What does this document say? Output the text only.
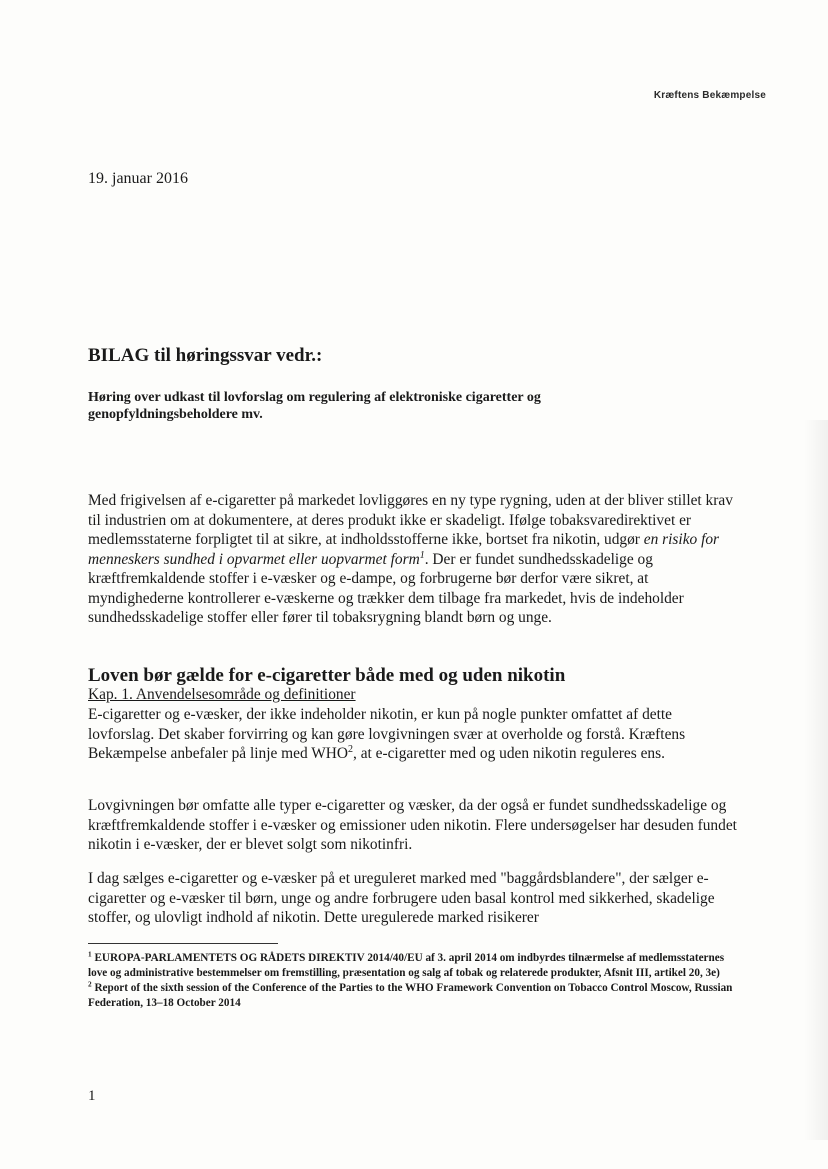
Kræftens Bekæmpelse
19. januar 2016
BILAG til høringssvar vedr.:
Høring over udkast til lovforslag om regulering af elektroniske cigaretter og genopfyldningsbeholdere mv.
Med frigivelsen af e-cigaretter på markedet lovliggøres en ny type rygning, uden at der bliver stillet krav til industrien om at dokumentere, at deres produkt ikke er skadeligt. Ifølge tobaksvaredirektivet er medlemsstaterne forpligtet til at sikre, at indholdsstofferne ikke, bortset fra nikotin, udgør en risiko for menneskers sundhed i opvarmet eller uopvarmet form$^1$. Der er fundet sundhedsskadelige og kræftfremkaldende stoffer i e-væsker og e-dampe, og forbrugerne bør derfor være sikret, at myndighederne kontrollerer e-væskerne og trækker dem tilbage fra markedet, hvis de indeholder sundhedsskadelige stoffer eller fører til tobaksrygning blandt børn og unge.
Loven bør gælde for e-cigaretter både med og uden nikotin
Kap. 1. Anvendelsesområde og definitioner
E-cigaretter og e-væsker, der ikke indeholder nikotin, er kun på nogle punkter omfattet af dette lovforslag. Det skaber forvirring og kan gøre lovgivningen svær at overholde og forstå. Kræftens Bekæmpelse anbefaler på linje med WHO$^2$, at e-cigaretter med og uden nikotin reguleres ens.
Lovgivningen bør omfatte alle typer e-cigaretter og væsker, da der også er fundet sundhedsskadelige og kræftfremkaldende stoffer i e-væsker og emissioner uden nikotin. Flere undersøgelser har desuden fundet nikotin i e-væsker, der er blevet solgt som nikotinfri.
I dag sælges e-cigaretter og e-væsker på et ureguleret marked med "baggårdsblandere", der sælger e-cigaretter og e-væsker til børn, unge og andre forbrugere uden basal kontrol med sikkerhed, skadelige stoffer, og ulovligt indhold af nikotin. Dette uregulerede marked risikerer

$^1$ EUROPA-PARLAMENTETS OG RÅDETS DIREKTIV 2014/40/EU af 3. april 2014 om indbyrdes tilnærmelse af medlemsstaternes love og administrative bestemmelser om fremstilling, præsentation og salg af tobak og relaterede produkter, Afsnit III, artikel 20, 3e)

$^2$ Report of the sixth session of the Conference of the Parties to the WHO Framework Convention on Tobacco Control Moscow, Russian Federation, 13–18 October 2014

1
